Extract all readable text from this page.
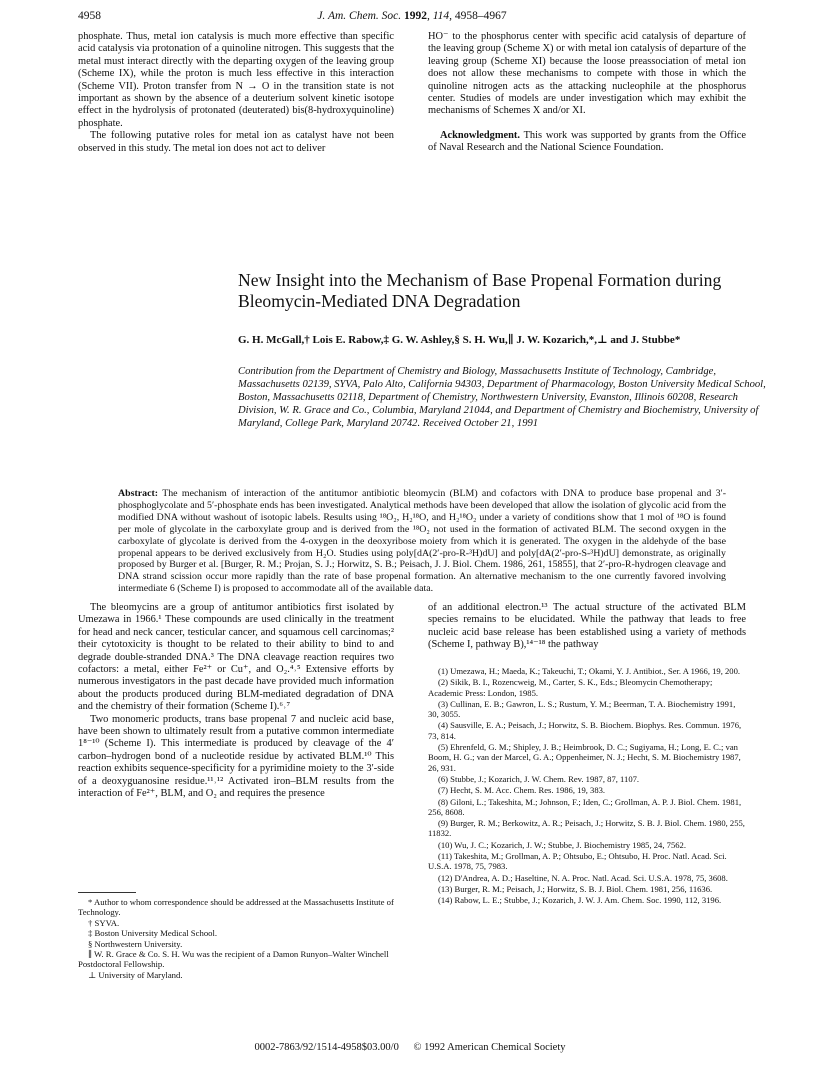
4958	J. Am. Chem. Soc. 1992, 114, 4958–4967

phosphate. Thus, metal ion catalysis is much more effective than specific acid catalysis via protonation of a quinoline nitrogen. This suggests that the metal must interact directly with the departing oxygen of the leaving group (Scheme IX), while the proton is much less effective in this interaction (Scheme VII). Proton transfer from N → O in the transition state is not important as shown by the absence of a deuterium solvent kinetic isotope effect in the hydrolysis of protonated (deuterated) bis(8-hydroxyquinoline) phosphate.

The following putative roles for metal ion as catalyst have not been observed in this study. The metal ion does not act to deliver

HO⁻ to the phosphorus center with specific acid catalysis of departure of the leaving group (Scheme X) or with metal ion catalysis of departure of the leaving group (Scheme XI) because the loose preassociation of metal ion does not allow these mechanisms to compete with those in which the quinoline nitrogen acts as the attacking nucleophile at the phosphorus center. Studies of models are under investigation which may exhibit the mechanisms of Schemes X and/or XI.

Acknowledgment. This work was supported by grants from the Office of Naval Research and the National Science Foundation.

New Insight into the Mechanism of Base Propenal Formation during Bleomycin-Mediated DNA Degradation
G. H. McGall,† Lois E. Rabow,‡ G. W. Ashley,§ S. H. Wu,∥ J. W. Kozarich,*,⊥ and J. Stubbe*
Contribution from the Department of Chemistry and Biology, Massachusetts Institute of Technology, Cambridge, Massachusetts 02139, SYVA, Palo Alto, California 94303, Department of Pharmacology, Boston University Medical School, Boston, Massachusetts 02118, Department of Chemistry, Northwestern University, Evanston, Illinois 60208, Research Division, W. R. Grace and Co., Columbia, Maryland 21044, and Department of Chemistry and Biochemistry, University of Maryland, College Park, Maryland 20742. Received October 21, 1991
Abstract: The mechanism of interaction of the antitumor antibiotic bleomycin (BLM) and cofactors with DNA to produce base propenal and 3′-phosphoglycolate and 5′-phosphate ends has been investigated. Analytical methods have been developed that allow the isolation of glycolic acid from the modified DNA without washout of isotopic labels. Results using ¹⁸O₂, H₂¹⁸O, and H₂¹⁸O₂ under a variety of conditions show that 1 mol of ¹⁸O is found per mole of glycolate in the carboxylate group and is derived from the ¹⁸O₂ not used in the formation of activated BLM. The second oxygen in the carboxylate of glycolate is derived from the 4-oxygen in the deoxyribose moiety from which it is generated. The oxygen in the aldehyde of the base propenal appears to be derived exclusively from H₂O. Studies using poly[dA(2′-pro-R-³H)dU] and poly[dA(2′-pro-S-³H)dU] demonstrate, as originally proposed by Burger et al. [Burger, R. M.; Projan, S. J.; Horwitz, S. B.; Peisach, J. J. Biol. Chem. 1986, 261, 15855], that 2′-pro-R-hydrogen cleavage and DNA strand scission occur more rapidly than the rate of base propenal formation. An alternative mechanism to the one currently favored involving intermediate 6 (Scheme I) is proposed to accommodate all of the available data.

The bleomycins are a group of antitumor antibiotics first isolated by Umezawa in 1966.¹ These compounds are used clinically in the treatment for head and neck cancer, testicular cancer, and squamous cell carcinomas;² their cytotoxicity is thought to be related to their ability to bind to and degrade double-stranded DNA.³ The DNA cleavage reaction requires two cofactors: a metal, either Fe²⁺ or Cu⁺, and O₂.⁴˒⁵ Extensive efforts by numerous investigators in the past decade have provided much information about the products produced during BLM-mediated degradation of DNA and the chemistry of their formation (Scheme I).⁶˒⁷

Two monomeric products, trans base propenal 7 and nucleic acid base, have been shown to ultimately result from a putative common intermediate 1⁸⁻¹⁰ (Scheme I). This intermediate is produced by cleavage of the 4′ carbon–hydrogen bond of a nucleotide residue by activated BLM.¹⁰ This reaction exhibits sequence-specificity for a pyrimidine moiety to the 3′-side of a deoxyguanosine residue.¹¹˒¹² Activated iron–BLM results from the interaction of Fe²⁺, BLM, and O₂ and requires the presence

* Author to whom correspondence should be addressed at the Massachusetts Institute of Technology.

† SYVA.

‡ Boston University Medical School.

§ Northwestern University.

∥ W. R. Grace & Co. S. H. Wu was the recipient of a Damon Runyon–Walter Winchell Postdoctoral Fellowship.

⊥ University of Maryland.

of an additional electron.¹³ The actual structure of the activated BLM species remains to be elucidated. While the pathway that leads to free nucleic acid base release has been established using a variety of methods (Scheme I, pathway B),¹⁴⁻¹⁸ the pathway

(1) Umezawa, H.; Maeda, K.; Takeuchi, T.; Okami, Y. J. Antibiot., Ser. A 1966, 19, 200.

(2) Sikik, B. I., Rozencweig, M., Carter, S. K., Eds.; Bleomycin Chemotherapy; Academic Press: London, 1985.

(3) Cullinan, E. B.; Gawron, L. S.; Rustum, Y. M.; Beerman, T. A. Biochemistry 1991, 30, 3055.

(4) Sausville, E. A.; Peisach, J.; Horwitz, S. B. Biochem. Biophys. Res. Commun. 1976, 73, 814.

(5) Ehrenfeld, G. M.; Shipley, J. B.; Heimbrook, D. C.; Sugiyama, H.; Long, E. C.; van Boom, H. G.; van der Marcel, G. A.; Oppenheimer, N. J.; Hecht, S. M. Biochemistry 1987, 26, 931.

(6) Stubbe, J.; Kozarich, J. W. Chem. Rev. 1987, 87, 1107.

(7) Hecht, S. M. Acc. Chem. Res. 1986, 19, 383.

(8) Giloni, L.; Takeshita, M.; Johnson, F.; Iden, C.; Grollman, A. P. J. Biol. Chem. 1981, 256, 8608.

(9) Burger, R. M.; Berkowitz, A. R.; Peisach, J.; Horwitz, S. B. J. Biol. Chem. 1980, 255, 11832.

(10) Wu, J. C.; Kozarich, J. W.; Stubbe, J. Biochemistry 1985, 24, 7562.

(11) Takeshita, M.; Grollman, A. P.; Ohtsubo, E.; Ohtsubo, H. Proc. Natl. Acad. Sci. U.S.A. 1978, 75, 7983.

(12) D'Andrea, A. D.; Haseltine, N. A. Proc. Natl. Acad. Sci. U.S.A. 1978, 75, 3608.

(13) Burger, R. M.; Peisach, J.; Horwitz, S. B. J. Biol. Chem. 1981, 256, 11636.

(14) Rabow, L. E.; Stubbe, J.; Kozarich, J. W. J. Am. Chem. Soc. 1990, 112, 3196.

0002-7863/92/1514-4958$03.00/0 © 1992 American Chemical Society
